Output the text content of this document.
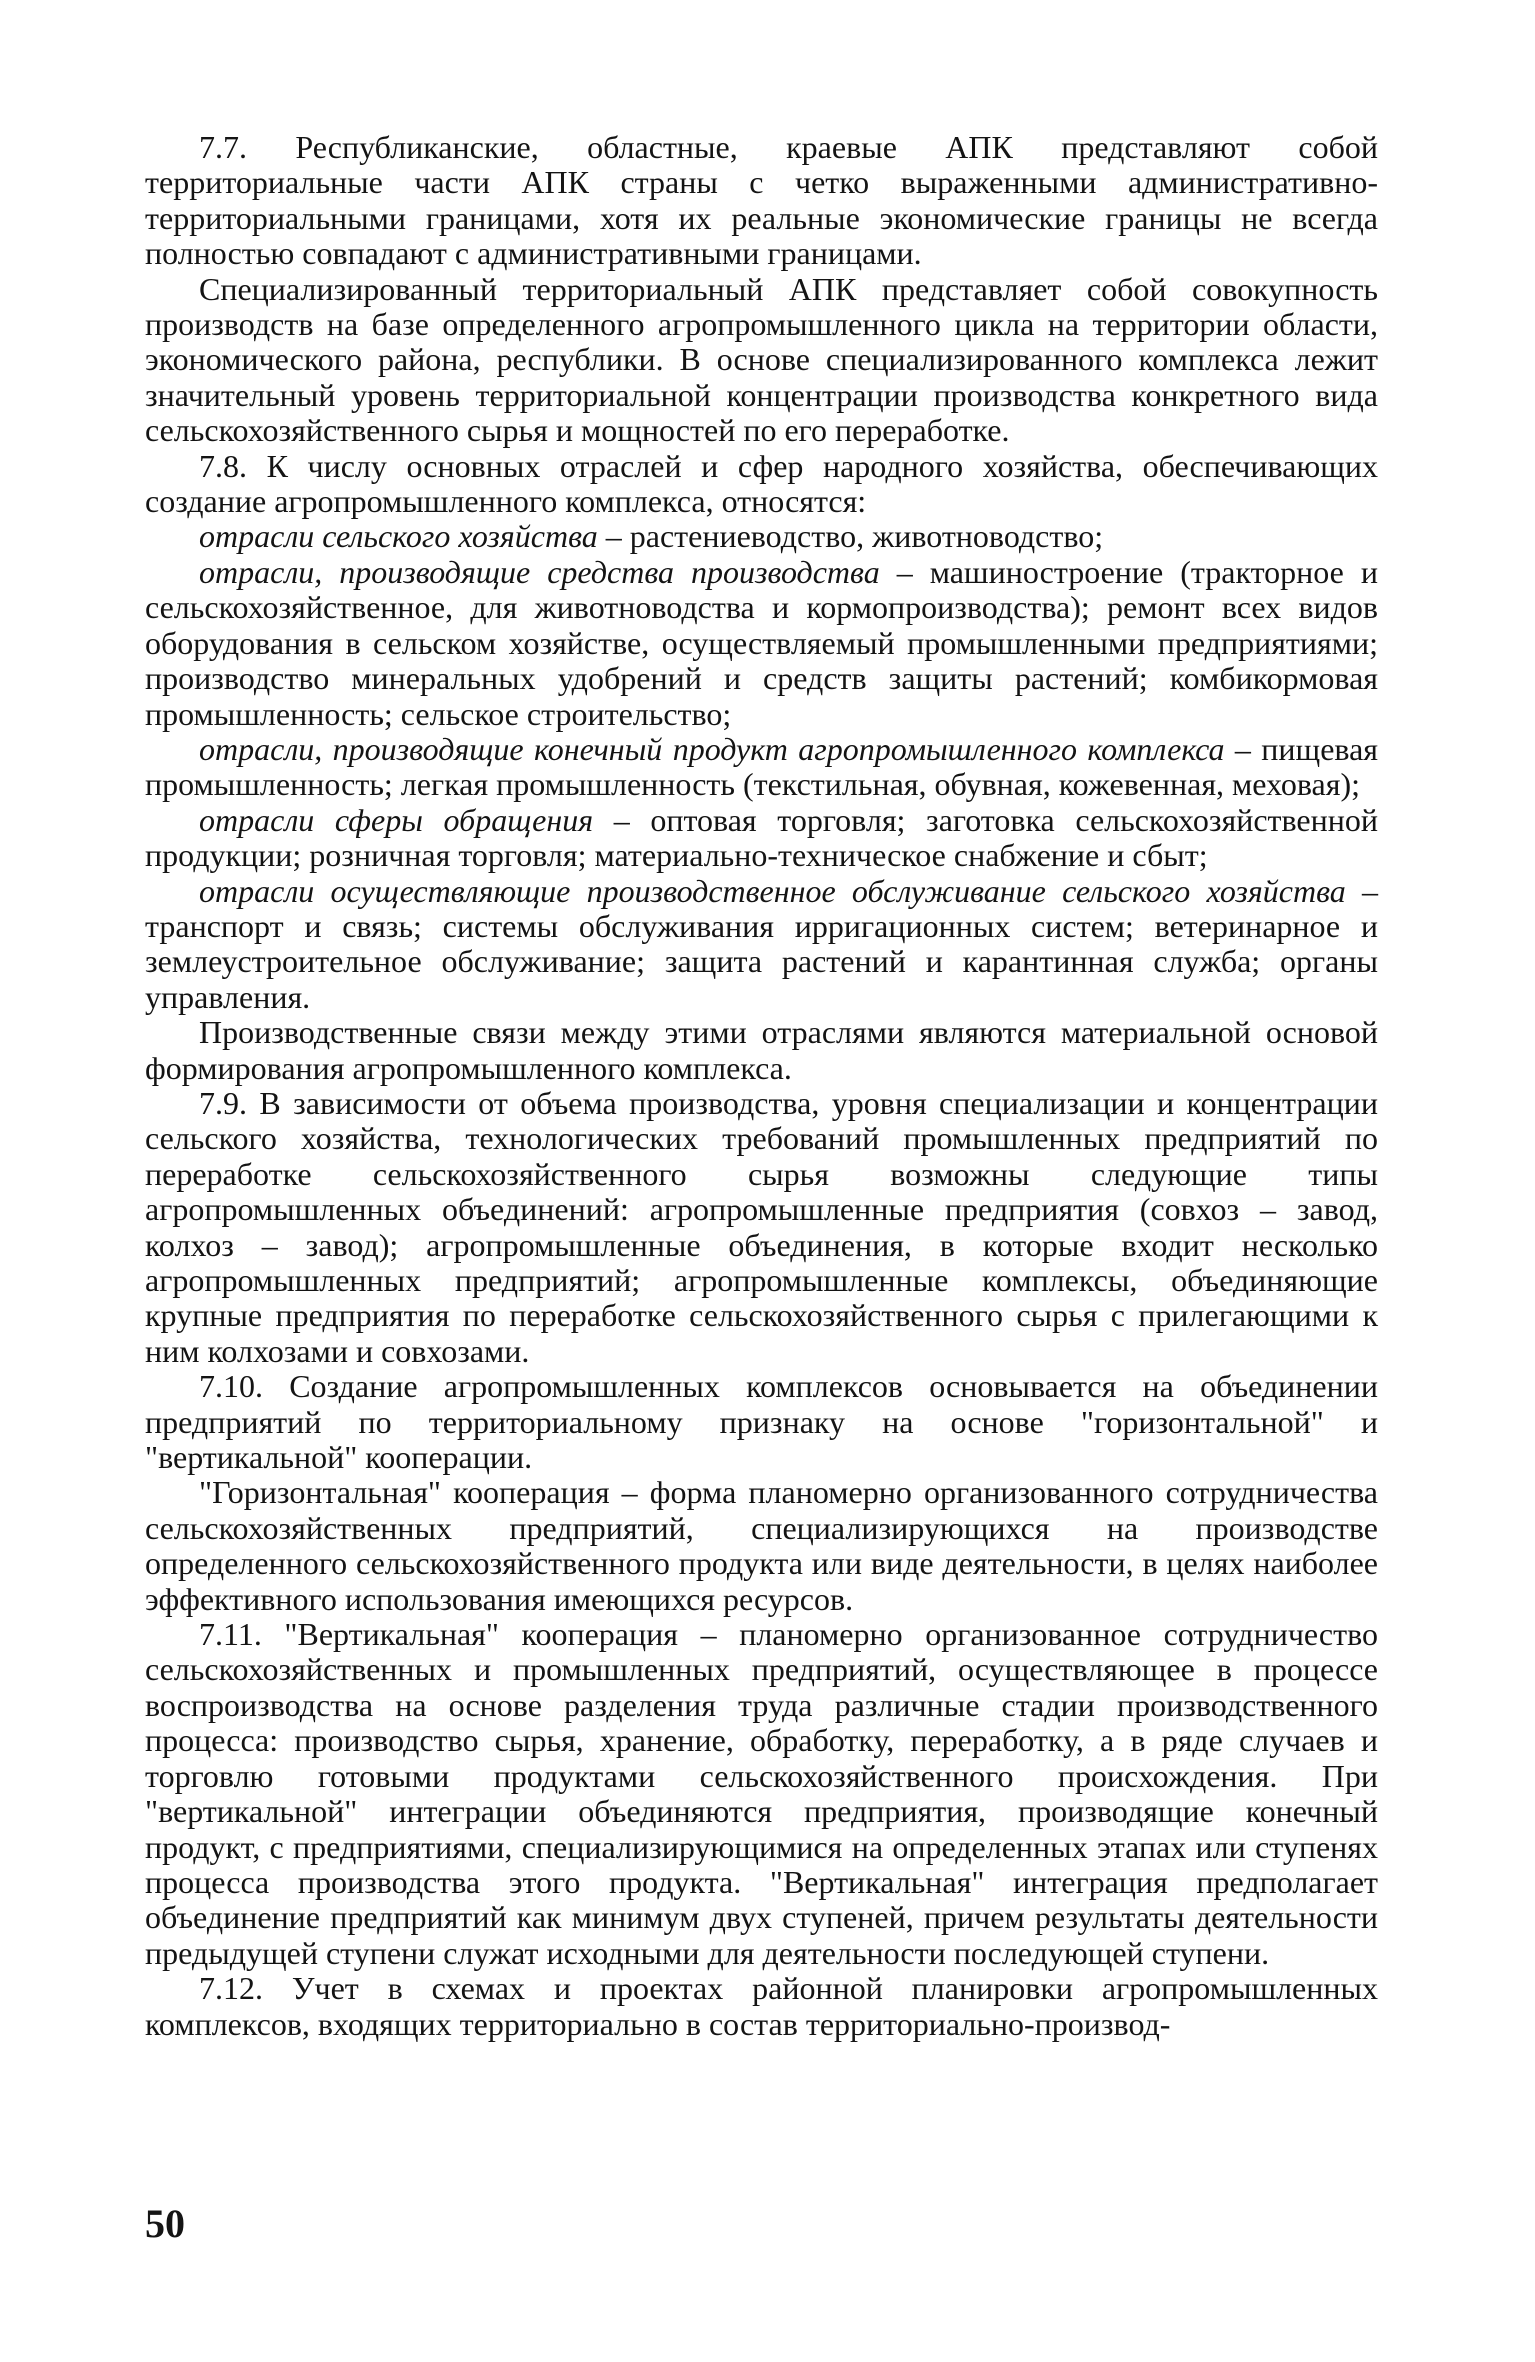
7.7. Республиканские, областные, краевые АПК представляют собой территориальные части АПК страны с четко выраженными административно-территориальными границами, хотя их реальные экономические границы не всегда полностью совпадают с административными границами.

Специализированный территориальный АПК представляет собой совокупность производств на базе определенного агропромышленного цикла на территории области, экономического района, республики. В основе специализированного комплекса лежит значительный уровень территориальной концентрации производства конкретного вида сельскохозяйственного сырья и мощностей по его переработке.

7.8. К числу основных отраслей и сфер народного хозяйства, обеспечивающих создание агропромышленного комплекса, относятся:

отрасли сельского хозяйства – растениеводство, животноводство;

отрасли, производящие средства производства – машиностроение (тракторное и сельскохозяйственное, для животноводства и кормопроизводства); ремонт всех видов оборудования в сельском хозяйстве, осуществляемый промышленными предприятиями; производство минеральных удобрений и средств защиты растений; комбикормовая промышленность; сельское строительство;

отрасли, производящие конечный продукт агропромышленного комплекса – пищевая промышленность; легкая промышленность (текстильная, обувная, кожевенная, меховая);

отрасли сферы обращения – оптовая торговля; заготовка сельскохозяйственной продукции; розничная торговля; материально-техническое снабжение и сбыт;

отрасли осуществляющие производственное обслуживание сельского хозяйства – транспорт и связь; системы обслуживания ирригационных систем; ветеринарное и землеустроительное обслуживание; защита растений и карантинная служба; органы управления.

Производственные связи между этими отраслями являются материальной основой формирования агропромышленного комплекса.

7.9. В зависимости от объема производства, уровня специализации и концентрации сельского хозяйства, технологических требований промышленных предприятий по переработке сельскохозяйственного сырья возможны следующие типы агропромышленных объединений: агропромышленные предприятия (совхоз – завод, колхоз – завод); агропромышленные объединения, в которые входит несколько агропромышленных предприятий; агропромышленные комплексы, объединяющие крупные предприятия по переработке сельскохозяйственного сырья с прилегающими к ним колхозами и совхозами.

7.10. Создание агропромышленных комплексов основывается на объединении предприятий по территориальному признаку на основе "горизонтальной" и "вертикальной" кооперации.

"Горизонтальная" кооперация – форма планомерно организованного сотрудничества сельскохозяйственных предприятий, специализирующихся на производстве определенного сельскохозяйственного продукта или виде деятельности, в целях наиболее эффективного использования имеющихся ресурсов.

7.11. "Вертикальная" кооперация – планомерно организованное сотрудничество сельскохозяйственных и промышленных предприятий, осуществляющее в процессе воспроизводства на основе разделения труда различные стадии производственного процесса: производство сырья, хранение, обработку, переработку, а в ряде случаев и торговлю готовыми продуктами сельскохозяйственного происхождения. При "вертикальной" интеграции объединяются предприятия, производящие конечный продукт, с предприятиями, специализирующимися на определенных этапах или ступенях процесса производства этого продукта. "Вертикальная" интеграция предполагает объединение предприятий как минимум двух ступеней, причем результаты деятельности предыдущей ступени служат исходными для деятельности последующей ступени.

7.12. Учет в схемах и проектах районной планировки агропромышленных комплексов, входящих территориально в состав территориально-производ-

50
